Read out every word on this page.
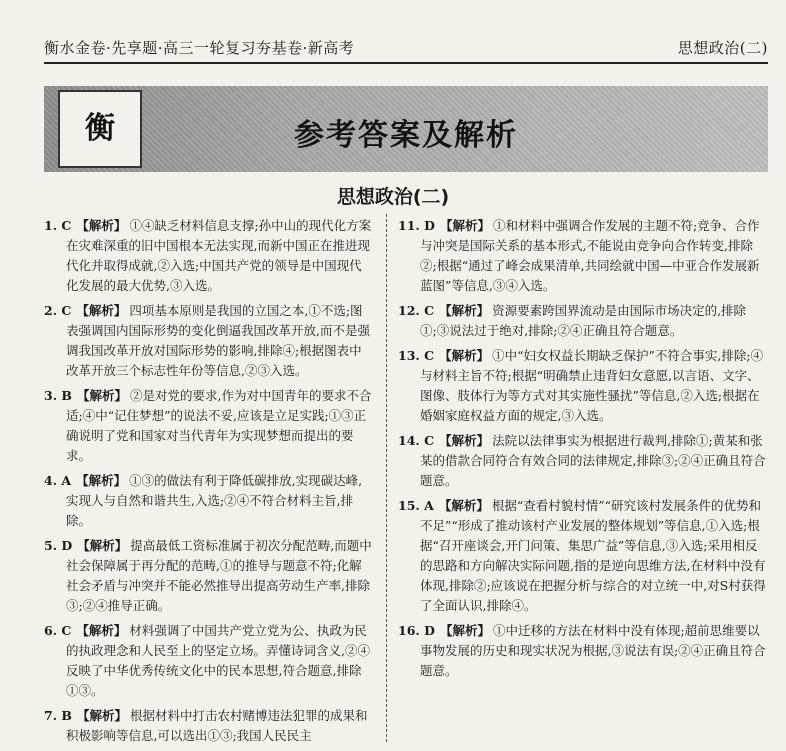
衡水金卷·先享题·高三一轮复习夯基卷·新高考	思想政治(二)
衡	参考答案及解析
思想政治(二)

1. C 【解析】 ①④缺乏材料信息支撑;孙中山的现代化方案在灾难深重的旧中国根本无法实现,而新中国正在推进现代化并取得成就,②入选;中国共产党的领导是中国现代化发展的最大优势,③入选。

2. C 【解析】 四项基本原则是我国的立国之本,①不选;图表强调国内国际形势的变化倒逼我国改革开放,而不是强调我国改革开放对国际形势的影响,排除④;根据图表中改革开放三个标志性年份等信息,②③入选。

3. B 【解析】 ②是对党的要求,作为对中国青年的要求不合适;④中“记住梦想”的说法不妥,应该是立足实践;①③正确说明了党和国家对当代青年为实现梦想而提出的要求。

4. A 【解析】 ①③的做法有利于降低碳排放,实现碳达峰,实现人与自然和谐共生,入选;②④不符合材料主旨,排除。

5. D 【解析】 提高最低工资标准属于初次分配范畴,而题中社会保障属于再分配的范畴,①的推导与题意不符;化解社会矛盾与冲突并不能必然推导出提高劳动生产率,排除③;②④推导正确。

6. C 【解析】 材料强调了中国共产党立党为公、执政为民的执政理念和人民至上的坚定立场。弄懂诗词含义,②④反映了中华优秀传统文化中的民本思想,符合题意,排除①③。

7. B 【解析】 根据材料中打击农村赌博违法犯罪的成果和积极影响等信息,可以选出①③;我国人民民主

11. D 【解析】 ①和材料中强调合作发展的主题不符;竞争、合作与冲突是国际关系的基本形式,不能说由竞争向合作转变,排除②;根据“通过了峰会成果清单,共同绘就中国—中亚合作发展新蓝图”等信息,③④入选。

12. C 【解析】 资源要素跨国界流动是由国际市场决定的,排除①;③说法过于绝对,排除;②④正确且符合题意。

13. C 【解析】 ①中“妇女权益长期缺乏保护”不符合事实,排除;④与材料主旨不符;根据“明确禁止违背妇女意愿,以言语、文字、图像、肢体行为等方式对其实施性骚扰”等信息,②入选;根据在婚姻家庭权益方面的规定,③入选。

14. C 【解析】 法院以法律事实为根据进行裁判,排除①;黄某和张某的借款合同符合有效合同的法律规定,排除③;②④正确且符合题意。

15. A 【解析】 根据“查看村貌村情”“研究该村发展条件的优势和不足”“形成了推动该村产业发展的整体规划”等信息,①入选;根据“召开座谈会,开门问策、集思广益”等信息,③入选;采用相反的思路和方向解决实际问题,指的是逆向思维方法,在材料中没有体现,排除②;应该说在把握分析与综合的对立统一中,对S村获得了全面认识,排除④。

16. D 【解析】 ①中迁移的方法在材料中没有体现;超前思维要以事物发展的历史和现实状况为根据,③说法有误;②④正确且符合题意。
